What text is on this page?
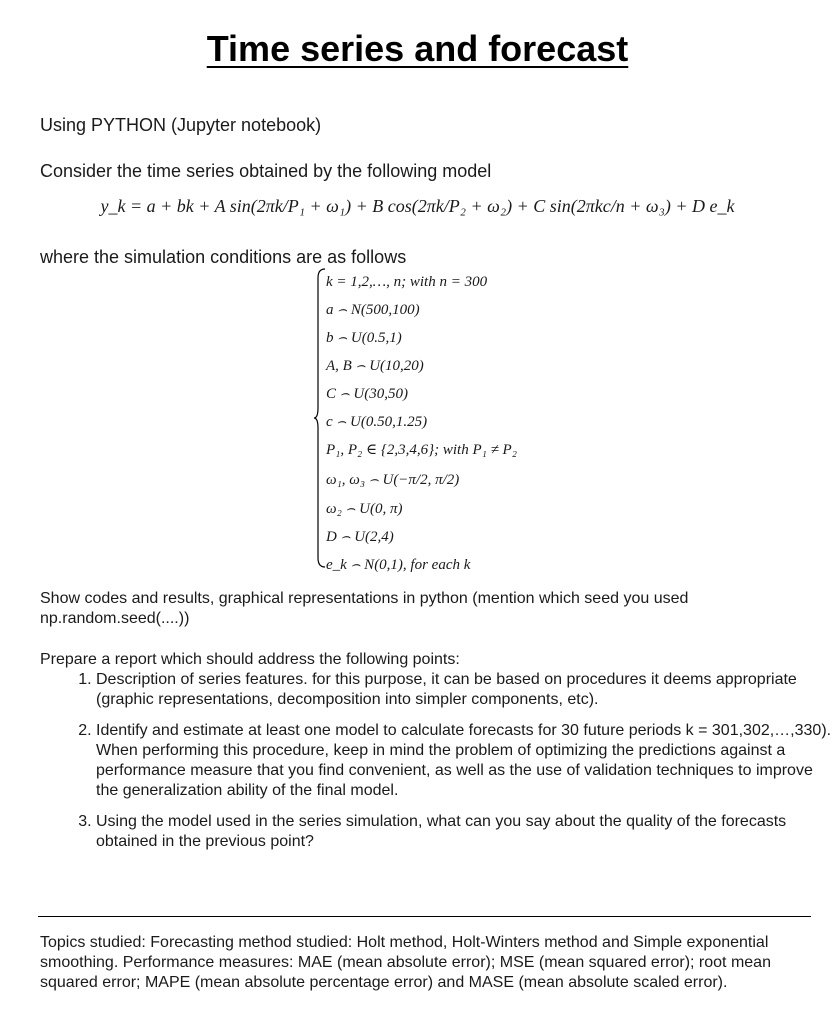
Time series and forecast
Using PYTHON (Jupyter notebook)
Consider the time series obtained by the following model
y_k = a + bk + A sin(2πk/P₁ + ω₁) + B cos(2πk/P₂ + ω₂) + C sin(2πkc/n + ω₃) + D e_k
where the simulation conditions are as follows
k = 1,2,…, n; with n = 300
a ⌢ N(500,100)
b ⌢ U(0.5,1)
A, B ⌢ U(10,20)
C ⌢ U(30,50)
c ⌢ U(0.50,1.25)
P₁, P₂ ∈ {2,3,4,6}; with P₁ ≠ P₂
ω₁, ω₃ ⌢ U(−π/2, π/2)
ω₂ ⌢ U(0, π)
D ⌢ U(2,4)
e_k ⌢ N(0,1), for each k
Show codes and results, graphical representations in python (mention which seed you used np.random.seed(....))
Prepare a report which should address the following points:
1. Description of series features. for this purpose, it can be based on procedures it deems appropriate (graphic representations, decomposition into simpler components, etc).
2. Identify and estimate at least one model to calculate forecasts for 30 future periods k = 301,302,…,330).
When performing this procedure, keep in mind the problem of optimizing the predictions against a performance measure that you find convenient, as well as the use of validation techniques to improve the generalization ability of the final model.
3. Using the model used in the series simulation, what can you say about the quality of the forecasts obtained in the previous point?
Topics studied: Forecasting method studied: Holt method, Holt-Winters method and Simple exponential smoothing. Performance measures: MAE (mean absolute error); MSE (mean squared error); root mean squared error; MAPE (mean absolute percentage error) and MASE (mean absolute scaled error).
